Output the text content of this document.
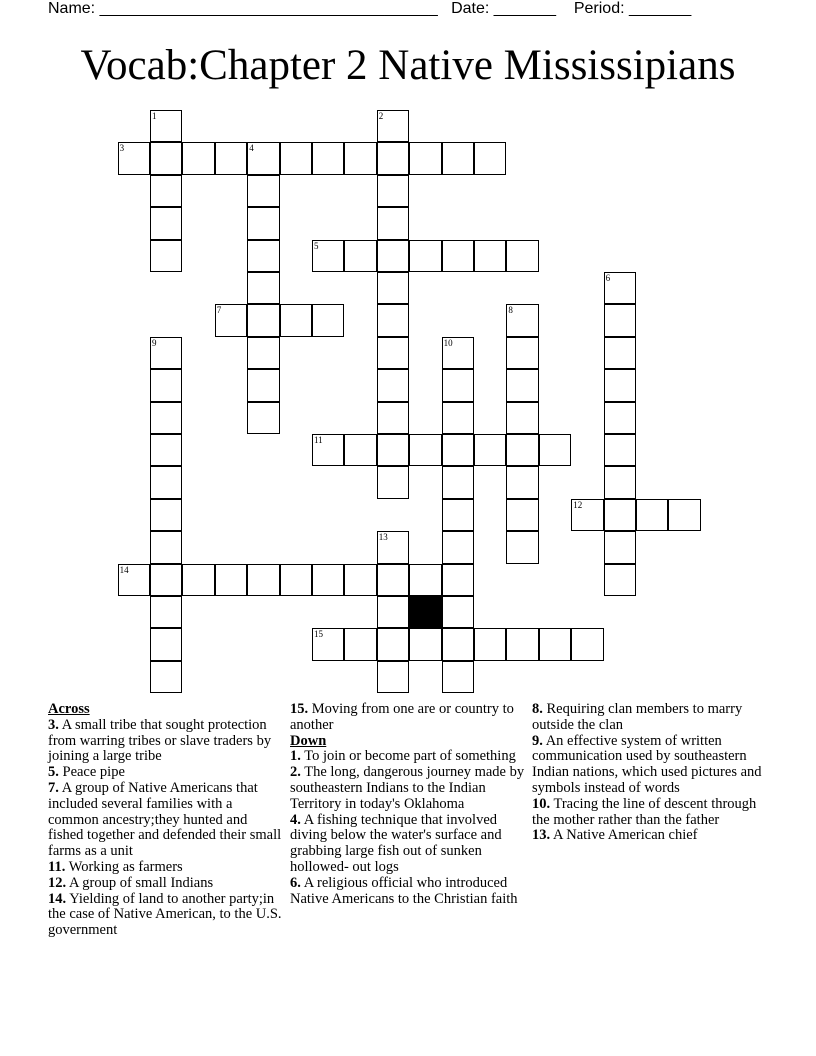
Name: ______________________________________ Date: _______ Period: _______
Vocab:Chapter 2 Native Mississipians
1	2
3	4
5
6
7	8
9	10
11
12
13
14
15
Across

3. A small tribe that sought protection from warring tribes or slave traders by joining a large tribe

5. Peace pipe

7. A group of Native Americans that included several families with a common ancestry;they hunted and fished together and defended their small farms as a unit

11. Working as farmers

12. A group of small Indians

14. Yielding of land to another party;in the case of Native American, to the U.S. government

15. Moving from one are or country to another

Down

1. To join or become part of something

2. The long, dangerous journey made by southeastern Indians to the Indian Territory in today's Oklahoma

4. A fishing technique that involved diving below the water's surface and grabbing large fish out of sunken hollowed- out logs

6. A religious official who introduced Native Americans to the Christian faith

8. Requiring clan members to marry outside the clan

9. An effective system of written communication used by southeastern Indian nations, which used pictures and symbols instead of words

10. Tracing the line of descent through the mother rather than the father

13. A Native American chief
